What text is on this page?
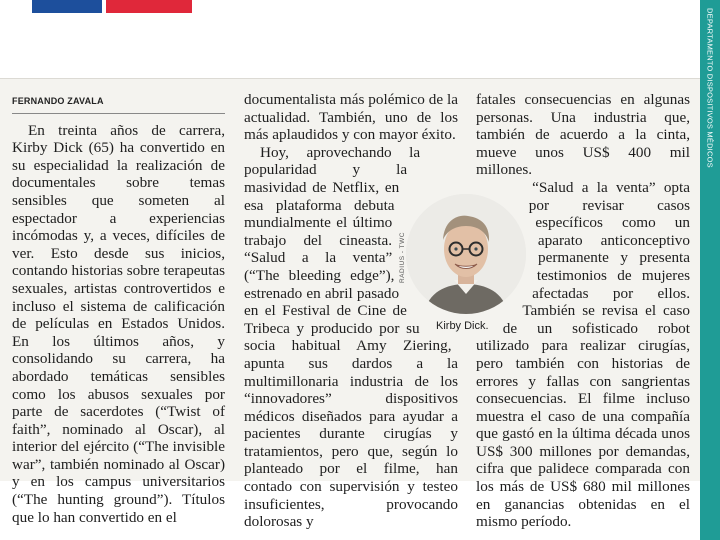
DEPARTAMENTO DISPOSITIVOS MÉDICOS
FERNANDO ZAVALA

En treinta años de carrera, Kirby Dick (65) ha convertido en su especialidad la realización de documentales sobre temas sensibles que someten al espectador a experiencias incómodas y, a veces, difíciles de ver. Esto desde sus inicios, contando historias sobre terapeutas sexuales, artistas controvertidos e incluso el sistema de calificación de películas en Estados Unidos. En los últimos años, y consolidando su carrera, ha abordado temáticas sensibles como los abusos sexuales por parte de sacerdotes (“Twist of faith”, nominado al Oscar), al interior del ejército (“The invisible war”, también nominado al Oscar) y en los campus universitarios (“The hunting ground”). Títulos que lo han convertido en el

documentalista más polémico de la actualidad. También, uno de los más aplaudidos y con mayor éxito.

Hoy, aprovechando la popularidad y la masividad de Netflix, en esa plataforma debuta mundialmente el último trabajo del cineasta. “Salud a la venta” (“The bleeding edge”), estrenado en abril pasado en el Festival de Cine de Tribeca y producido por su socia habitual Amy Ziering, apunta sus dardos a la multimillonaria industria de los “innovadores” dispositivos médicos diseñados para ayudar a pacientes durante cirugías y tratamientos, pero que, según lo planteado por el filme, han contado con supervisión y testeo insuficientes, provocando dolorosas y

fatales consecuencias en algunas personas. Una industria que, también de acuerdo a la cinta, mueve unos US$ 400 mil millones.

“Salud a la venta” opta por revisar casos específicos como un aparato anticonceptivo permanente y presenta testimonios de mujeres afectadas por ellos. También se revisa el caso de un sofisticado robot utilizado para realizar cirugías, pero también con historias de errores y fallas con sangrientas consecuencias. El filme incluso muestra el caso de una compañía que gastó en la última década unos US$ 300 millones por demandas, cifra que palidece comparada con los más de US$ 680 mil millones en ganancias obtenidas en el mismo período.

RADIUS - TWC
Kirby Dick.
